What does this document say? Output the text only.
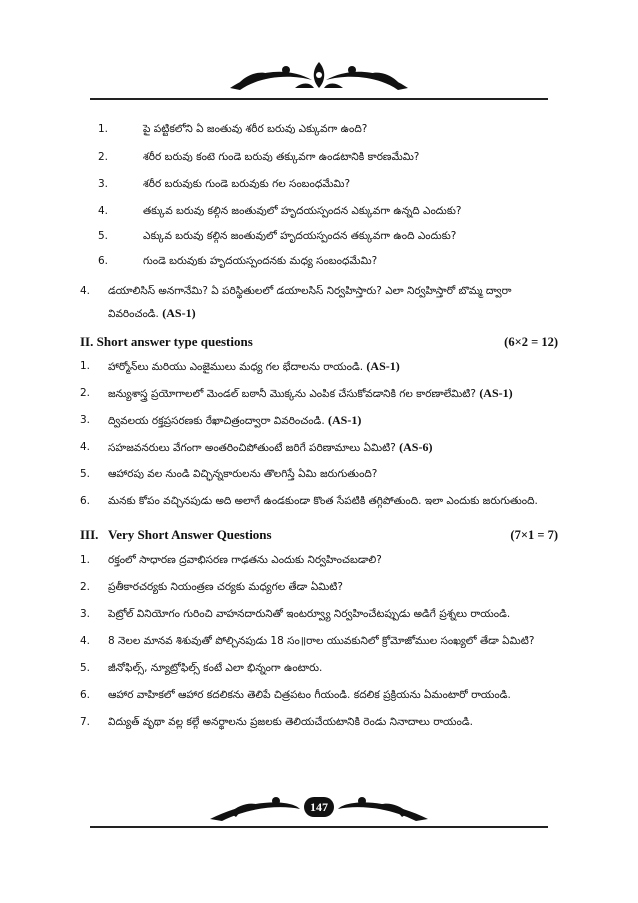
1.	పై పట్టికలోని ఏ జంతువు శరీర బరువు ఎక్కువగా ఉంది?
2.	శరీర బరువు కంటె గుండె బరువు తక్కువగా ఉండటానికి కారణమేమి?
3.	శరీర బరువుకు గుండె బరువుకు గల సంబంధమేమి?
4.	తక్కువ బరువు కల్గిన జంతువులో హృదయస్పందన ఎక్కువగా ఉన్నది ఎందుకు?
5.	ఎక్కువ బరువు కల్గిన జంతువులో హృదయస్పందన తక్కువగా ఉంది ఎందుకు?
6.	గుండె బరువుకు హృదయస్పందనకు మధ్య సంబంధమేమి?
4. డయాలిసిస్ అనగానేమి? ఏ పరిస్థితులలో డయాలసిస్ నిర్వహిస్తారు? ఎలా నిర్వహిస్తారో బొమ్మ ద్వారా
వివరించండి. (AS-1)
II. Short answer type questions	(6×2 = 12)
1. హార్మోన్‌లు మరియు ఎంజైములు మధ్య గల భేదాలను రాయండి. (AS-1)
2. జన్యుశాస్త్ర ప్రయోగాలలో మెండల్ బఠానీ మొక్కను ఎంపిక చేసుకోవడానికి గల కారణాలేమిటి? (AS-1)
3. ద్వివలయ రక్తప్రసరణకు రేఖాచిత్రంద్వారా వివరించండి. (AS-1)
4. సహజవనరులు వేగంగా అంతరించిపోతుంటే జరిగే పరిణామాలు ఏమిటి? (AS-6)
5. ఆహారపు వల నుండి విచ్ఛిన్నకారులను తొలగిస్తే ఏమి జరుగుతుంది?
6. మనకు కోపం వచ్చినపుడు అది అలాగే ఉండకుండా కొంత సేపటికి తగ్గిపోతుంది. ఇలా ఎందుకు జరుగుతుంది.
III. Very Short Answer Questions	(7×1 = 7)
1. రక్తంలో సాధారణ ద్రవాభిసరణ గాఢతను ఎందుకు నిర్వహించబడాలి?
2. ప్రతీకారచర్యకు నియంత్రణ చర్యకు మధ్యగల తేడా ఏమిటి?
3. పెట్రోల్ వినియోగం గురించి వాహనదారునితో ఇంటర్వ్యూ నిర్వహించేటప్పుడు అడిగే ప్రశ్నలు రాయండి.
4. 8 నెలల మానవ శిశువుతో పోల్చినపుడు 18 సం॥రాల యువకునిలో క్రోమోజోముల సంఖ్యలో తేడా ఏమిటి?
5. జీనోఫిల్స్, న్యూట్రోఫిల్స్ కంటే ఎలా భిన్నంగా ఉంటారు.
6. ఆహార వాహికలో ఆహార కదలికను తెలిపే చిత్రపటం గీయండి. కదలిక ప్రక్రియను ఏమంటారో రాయండి.
7. విద్యుత్ వృథా వల్ల కల్గే అనర్థాలను ప్రజలకు తెలియచేయటానికి రెండు నినాదాలు రాయండి.
147
